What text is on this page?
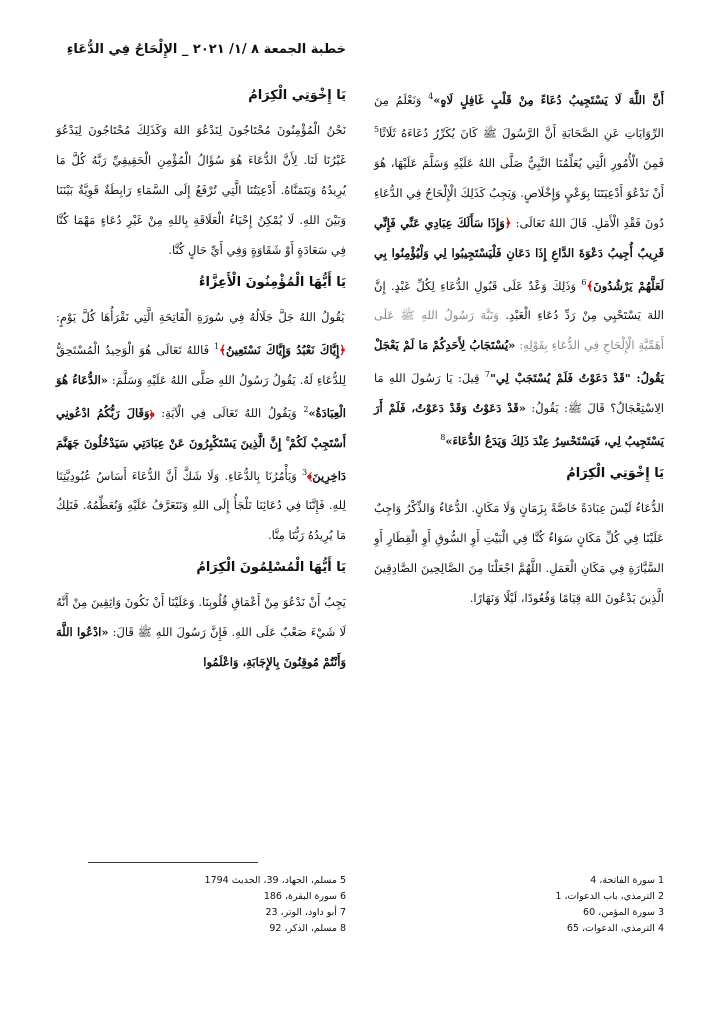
خطبة الجمعة ٨ /١/ ٢٠٢١ _ الإِلْحَاحُ فِي الدُّعَاءِ
يَا إِخْوَتِي الْكِرَامُ

نَحْنُ الْمُؤْمِنُونَ مُحْتَاجُونَ لِنَدْعُوَ اللهَ وَكَذَلِكَ مُحْتَاجُونَ لِيَدْعُوَ غَيْرُنَا لَنَا. لِأَنَّ الدُّعَاءَ هُوَ سُؤَالُ الْمُؤْمِنِ الْحَقِيقِيِّ رَبَّهُ كُلَّ مَا يُرِيدُهُ وَيَتَمَنَّاهُ. أَدْعِيَتُنَا الَّتِي تُرْفَعُ إِلَى السَّمَاءِ رَابِطَةٌ قَوِيَّةٌ بَيْنَنَا وَبَيْنَ اللهِ. لَا يُمْكِنُ إِحْيَاءُ الْعَلَاقَةِ بِاللهِ مِنْ غَيْرِ دُعَاءٍ مَهْمَا كُنَّا فِي سَعَادَةٍ أَوْ شَقَاوَةٍ وَفِي أَيِّ حَالٍ كُنَّا.

يَا أَيُّهَا الْمُؤْمِنُونَ الْأَعِزَّاءُ

يَقُولُ اللهُ جَلَّ جَلَالُهُ فِي سُورَةِ الْفَاتِحَةِ الَّتِي نَقْرَأُهَا كُلَّ يَوْمٍ: ﴿إِيَّاكَ نَعْبُدُ وَإِيَّاكَ نَسْتَعِينُ﴾$^1$ فَاللهُ تَعَالَى هُوَ الْوَحِيدُ الْمُسْتَحِقُّ لِلدُّعَاءِ لَهُ. يَقُولُ رَسُولُ اللهِ صَلَّى اللهُ عَلَيْهِ وَسَلَّمَ: «الدُّعَاءُ هُوَ الْعِبَادَةُ»$^2$ وَيَقُولُ اللهُ تَعَالَى فِي الْآيَةِ: ﴿وَقَالَ رَبُّكُمُ ادْعُونِي أَسْتَجِبْ لَكُمْ ۚ إِنَّ الَّذِينَ يَسْتَكْبِرُونَ عَنْ عِبَادَتِي سَيَدْخُلُونَ جَهَنَّمَ دَاخِرِينَ﴾$^3$ وَيَأْمُرُنَا بِالدُّعَاءِ. وَلَا شَكَّ أَنَّ الدُّعَاءَ أَسَاسُ عُبُودِيَّتِنَا لِلهِ. فَإِنَّنَا فِي دُعَائِنَا نَلْجَأُ إِلَى اللهِ وَنَتَعَرَّفُ عَلَيْهِ وَنُعَظِّمُهُ. فَنَلِكُ مَا يُرِيدُهُ رَبُّنَا مِنَّا.

يَا أَيُّهَا الْمُسْلِمُونَ الْكِرَامُ

يَجِبُ أَنْ نَدْعُوَ مِنْ أَعْمَاقِ قُلُوبِنَا. وَعَلَيْنَا أَنْ نَكُونَ وَاثِقِينَ مِنْ أَنَّهُ لَا شَيْءَ صَعْبٌ عَلَى اللهِ. فَإِنَّ رَسُولَ اللهِ ﷺ قَالَ: «ادْعُوا اللَّهَ وَأَنْتُمْ مُوقِنُونَ بِالإِجَابَةِ، وَاعْلَمُوا

أَنَّ اللَّهَ لَا يَسْتَجِيبُ دُعَاءً مِنْ قَلْبٍ غَافِلٍ لَاهٍ»$^4$ وَنَعْلَمُ مِنَ الرِّوَايَاتِ عَنِ الصَّحَابَةِ أَنَّ الرَّسُولَ ﷺ كَانَ يُكَرِّرُ دُعَاءَهُ ثَلَاثًا$^5$ فَمِنَ الْأُمُورِ الَّتِي يُعَلِّمُنَا النَّبِيُّ صَلَّى اللهُ عَلَيْهِ وَسَلَّمَ عَلَيْهَا، هُوَ أَنْ نَدْعُوَ أَدْعِيَتَنَا بِوَعْيٍ وَإِخْلَاصٍ. وَيَجِبُ كَذَلِكَ الْإِلْحَاحُ فِي الدُّعَاءِ دُونَ فَقْدِ الْأَمَلِ. قَالَ اللهُ تَعَالَى: ﴿وَإِذَا سَأَلَكَ عِبَادِي عَنِّي فَإِنِّي قَرِيبٌ أُجِيبُ دَعْوَةَ الدَّاعِ إِذَا دَعَانِ فَلْيَسْتَجِيبُوا لِي وَلْيُؤْمِنُوا بِي لَعَلَّهُمْ يَرْشُدُونَ﴾$^6$ وَذَلِكَ وَعْدٌ عَلَى قَبُولِ الدُّعَاءِ لِكُلِّ عَبْدٍ. إِنَّ اللهَ يَسْتَحْيِي مِنْ رَدِّ دُعَاءِ الْعَبْدِ. وَنَبَّهَ رَسُولُ اللهِ ﷺ عَلَى أَهَمِّيَّةِ الْإِلْحَاحِ فِي الدُّعَاءِ بِقَوْلِهِ: «يُسْتَجَابُ لِأَحَدِكُمْ مَا لَمْ يَعْجَلْ يَقُولُ: "قَدْ دَعَوْتُ فَلَمْ يُسْتَجَبْ لِي"$^7$ قِيلَ: يَا رَسُولَ اللهِ مَا الِاسْتِعْجَالُ؟ قَالَ ﷺ: يَقُولُ: «قَدْ دَعَوْتُ وَقَدْ دَعَوْتُ، فَلَمْ أَرَ يَسْتَجِيبُ لِي، فَيَسْتَحْسِرُ عِنْدَ ذَلِكَ وَيَدَعُ الدُّعَاءَ»$^8$

يَا إِخْوَتِي الْكِرَامُ

الدُّعَاءُ لَيْسَ عِبَادَةً خَاصَّةً بِزَمَانٍ وَلَا مَكَانٍ. الدُّعَاءُ وَالذِّكْرُ وَاجِبٌ عَلَيْنَا فِي كُلِّ مَكَانٍ سَوَاءٌ كُنَّا فِي الْبَيْتِ أَوِ السُّوقِ أَوِ الْقِطَارِ أَوِ السَّيَّارَةِ فِي مَكَانِ الْعَمَلِ. اللَّهُمَّ اجْعَلْنَا مِنَ الصَّالِحِينَ الصَّادِقِينَ الَّذِينَ يَدْعُونَ اللهَ قِيَامًا وَقُعُودًا، لَيْلًا وَنَهَارًا.

1 سورة الفاتحة، 4
2 الترمذي، باب الدعوات، 1
3 سورة المؤمن، 60
4 الترمذي، الدعوات، 65
5 مسلم، الجهاد، 39، الحديث 1794
6 سورة البقرة، 186
7 أبو داود، الوتر، 23
8 مسلم، الذكر، 92
